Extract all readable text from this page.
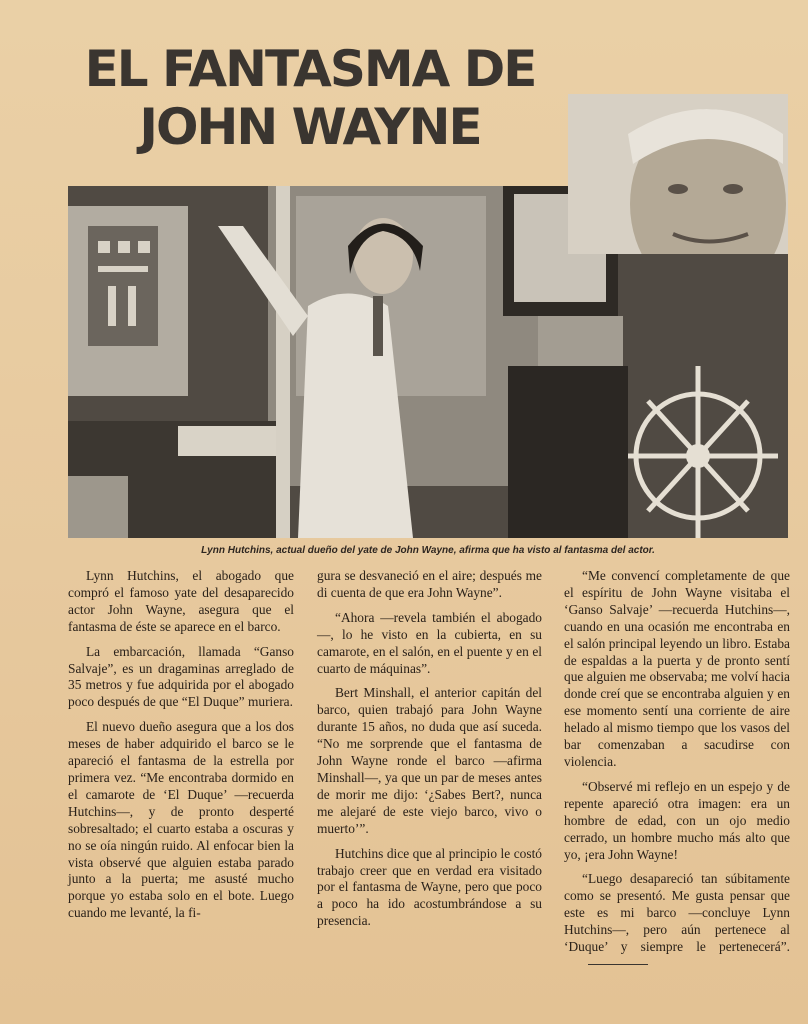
EL FANTASMA DE
JOHN WAYNE
Lynn Hutchins, actual dueño del yate de John Wayne, afirma que ha visto al fantasma del actor.

Lynn Hutchins, el abogado que compró el famoso yate del desaparecido actor John Wayne, asegura que el fantasma de éste se aparece en el barco.

La embarcación, llamada “Ganso Salvaje”, es un dragaminas arreglado de 35 metros y fue adquirida por el abogado poco después de que “El Duque” muriera.

El nuevo dueño asegura que a los dos meses de haber adquirido el barco se le apareció el fantasma de la estrella por primera vez. “Me encontraba dormido en el camarote de ‘El Duque’ —recuerda Hutchins—, y de pronto desperté sobresaltado; el cuarto estaba a oscuras y no se oía ningún ruido. Al enfocar bien la vista observé que alguien estaba parado junto a la puerta; me asusté mucho porque yo estaba solo en el bote. Luego cuando me levanté, la fi-

gura se desvaneció en el aire; después me di cuenta de que era John Wayne”.

“Ahora —revela también el abogado—, lo he visto en la cubierta, en su camarote, en el salón, en el puente y en el cuarto de máquinas”.

Bert Minshall, el anterior capitán del barco, quien trabajó para John Wayne durante 15 años, no duda que así suceda. “No me sorprende que el fantasma de John Wayne ronde el barco —afirma Minshall—, ya que un par de meses antes de morir me dijo: ‘¿Sabes Bert?, nunca me alejaré de este viejo barco, vivo o muerto’”.

Hutchins dice que al principio le costó trabajo creer que en verdad era visitado por el fantasma de Wayne, pero que poco a poco ha ido acostumbrándose a su presencia.

“Me convencí completamente de que el espíritu de John Wayne visitaba el ‘Ganso Salvaje’ —recuerda Hutchins—, cuando en una ocasión me encontraba en el salón principal leyendo un libro. Estaba de espaldas a la puerta y de pronto sentí que alguien me observaba; me volví hacia donde creí que se encontraba alguien y en ese momento sentí una corriente de aire helado al mismo tiempo que los vasos del bar comenzaban a sacudirse con violencia.

“Observé mi reflejo en un espejo y de repente apareció otra imagen: era un hombre de edad, con un ojo medio cerrado, un hombre mucho más alto que yo, ¡era John Wayne!

“Luego desapareció tan súbitamente como se presentó. Me gusta pensar que este es mi barco —concluye Lynn Hutchins—, pero aún pertenece al ‘Duque’ y siempre le pertenecerá”.
